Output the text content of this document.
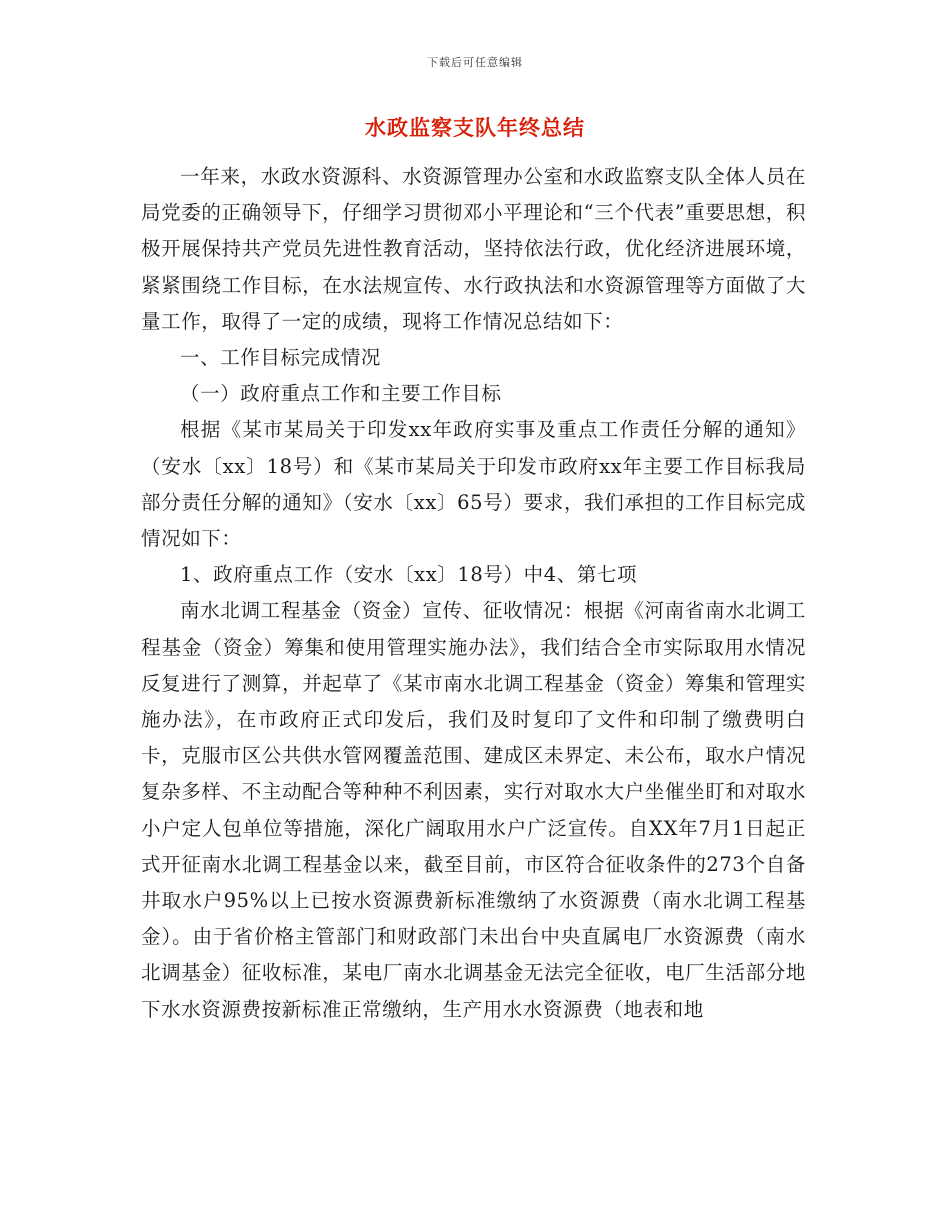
下载后可任意编辑
水政监察支队年终总结

一年来，水政水资源科、水资源管理办公室和水政监察支队全体人员在局党委的正确领导下，仔细学习贯彻邓小平理论和“三个代表”重要思想，积极开展保持共产党员先进性教育活动，坚持依法行政，优化经济进展环境，紧紧围绕工作目标，在水法规宣传、水行政执法和水资源管理等方面做了大量工作，取得了一定的成绩，现将工作情况总结如下：

一、工作目标完成情况

（一）政府重点工作和主要工作目标

根据《某市某局关于印发xx年政府实事及重点工作责任分解的通知》（安水〔xx〕18号）和《某市某局关于印发市政府xx年主要工作目标我局部分责任分解的通知》（安水〔xx〕65号）要求，我们承担的工作目标完成情况如下：

1、政府重点工作（安水〔xx〕18号）中4、第七项

南水北调工程基金（资金）宣传、征收情况：根据《河南省南水北调工程基金（资金）筹集和使用管理实施办法》，我们结合全市实际取用水情况反复进行了测算，并起草了《某市南水北调工程基金（资金）筹集和管理实施办法》，在市政府正式印发后，我们及时复印了文件和印制了缴费明白卡，克服市区公共供水管网覆盖范围、建成区未界定、未公布，取水户情况复杂多样、不主动配合等种种不利因素，实行对取水大户坐催坐盯和对取水小户定人包单位等措施，深化广阔取用水户广泛宣传。自XX年7月1日起正式开征南水北调工程基金以来，截至目前，市区符合征收条件的273个自备井取水户95%以上已按水资源费新标准缴纳了水资源费（南水北调工程基金）。由于省价格主管部门和财政部门未出台中央直属电厂水资源费（南水北调基金）征收标准，某电厂南水北调基金无法完全征收，电厂生活部分地下水水资源费按新标准正常缴纳，生产用水水资源费（地表和地
